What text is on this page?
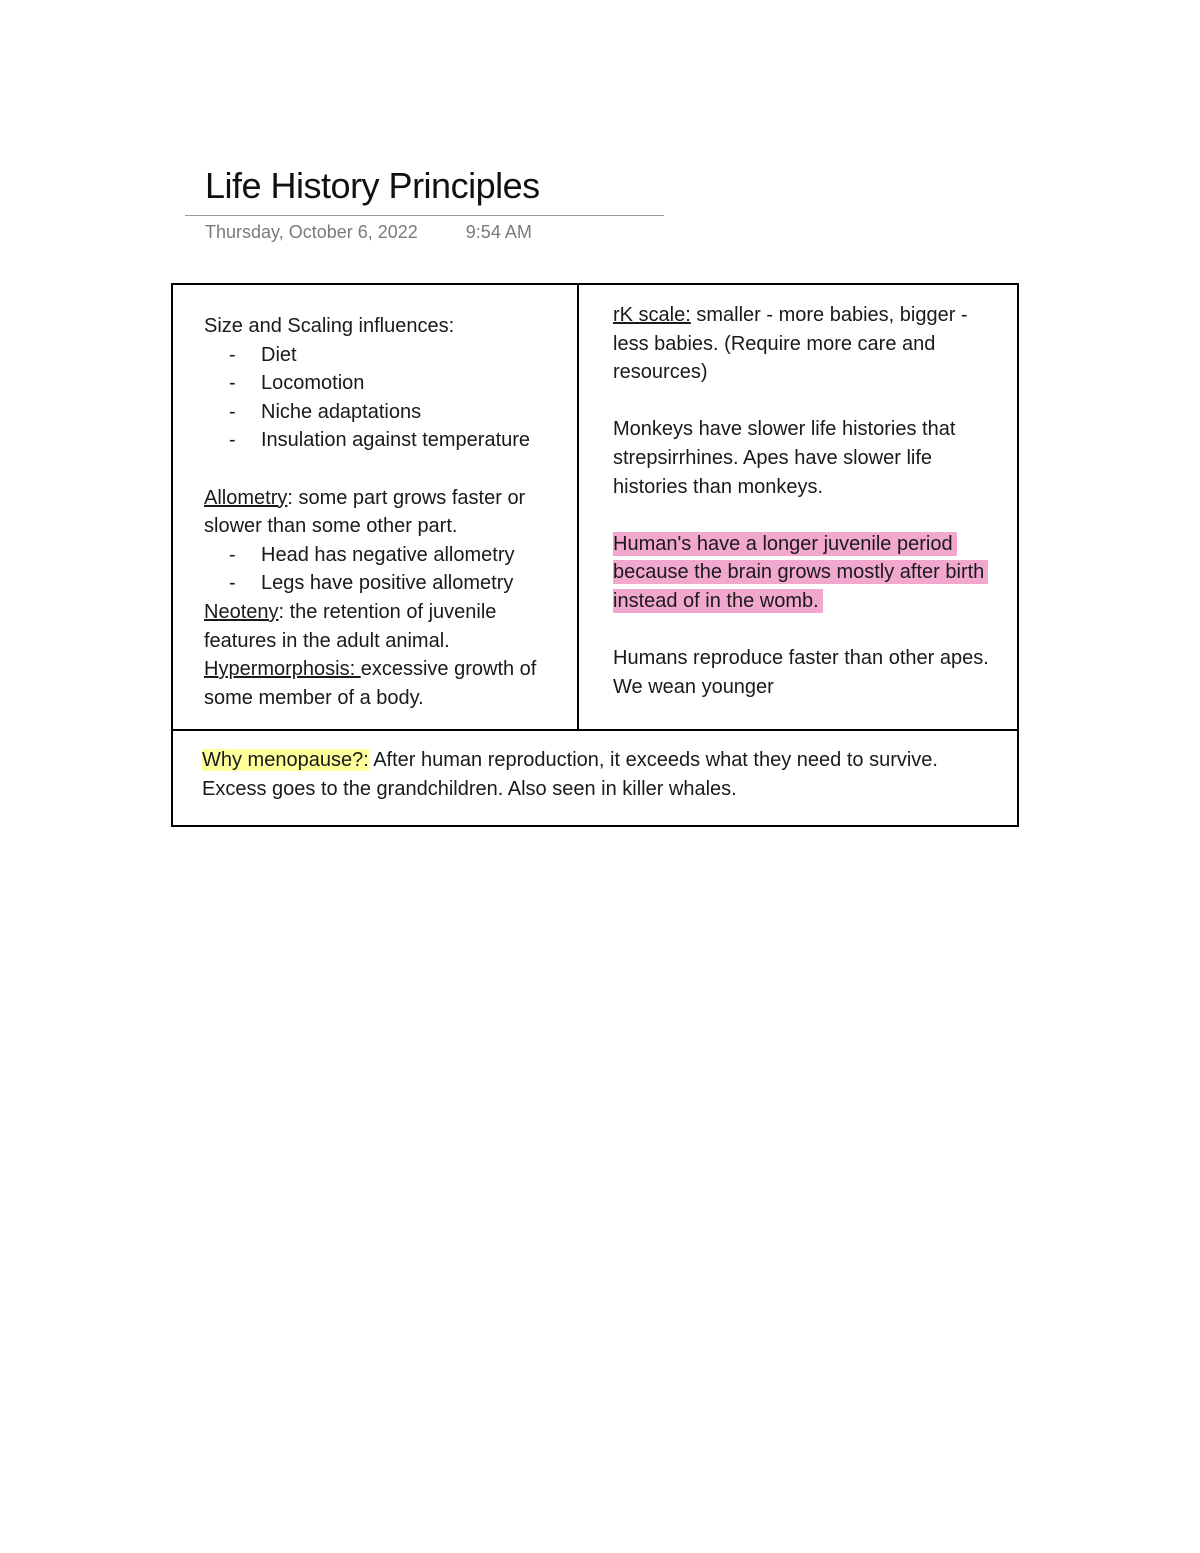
Life History Principles
Thursday, October 6, 2022	9:54 AM

Size and Scaling influences:

- Diet
- Locomotion
- Niche adaptations
- Insulation against temperature

Allometry: some part grows faster or slower than some other part.

- Head has negative allometry
- Legs have positive allometry

Neoteny: the retention of juvenile features in the adult animal.

Hypermorphosis: excessive growth of some member of a body.

rK scale: smaller - more babies, bigger - less babies. (Require more care and resources)

Monkeys have slower life histories that strepsirrhines. Apes have slower life histories than monkeys.

Human's have a longer juvenile period because the brain grows mostly after birth instead of in the womb.

Humans reproduce faster than other apes. We wean younger

Why menopause?: After human reproduction, it exceeds what they need to survive. Excess goes to the grandchildren. Also seen in killer whales.
